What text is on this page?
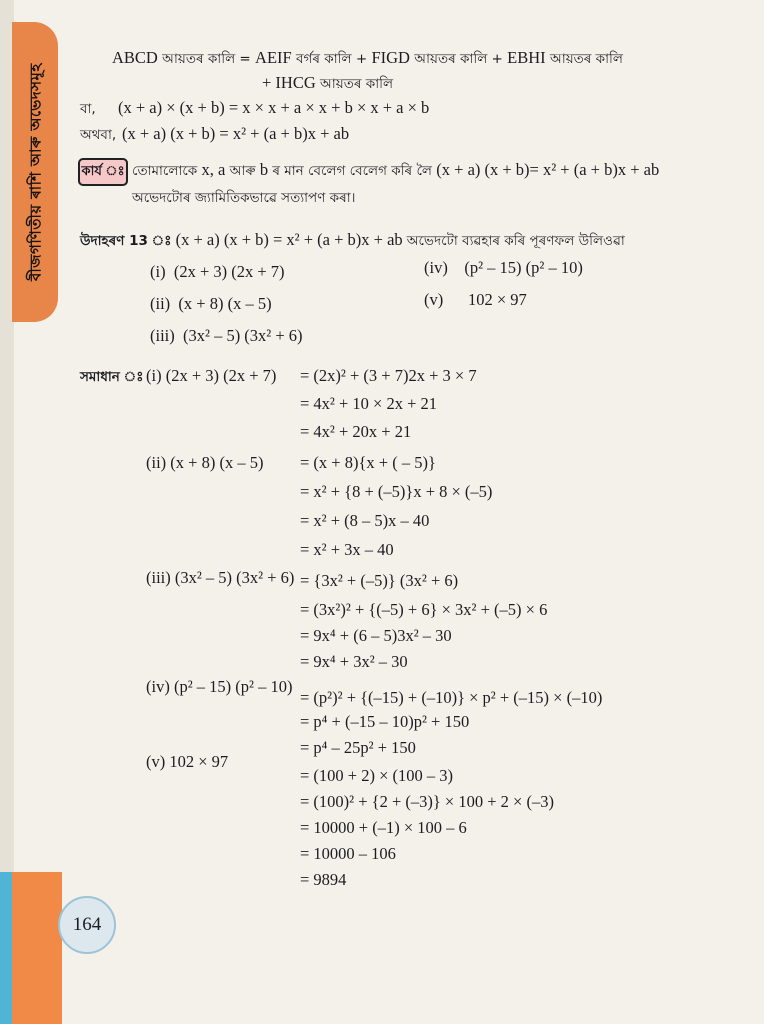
বীজগণিতীয় ৰাশি আৰু অভেদসমূহ
164
ABCD আয়তৰ কালি = AEIF বৰ্গৰ কালি + FIGD আয়তৰ কালি + EBHI আয়তৰ কালি
+ IHCG আয়তৰ কালি
বা, (x + a) × (x + b) = x × x + a × x + b × x + a × b
অথবা, (x + a) (x + b) = x² + (a + b)x + ab
কাৰ্য ঃ তোমালোকে x, a আৰু b ৰ মান বেলেগ বেলেগ কৰি লৈ (x + a) (x + b)= x² + (a + b)x + ab
অভেদটোৰ জ্যামিতিকভাৱে সত্যাপণ কৰা।
উদাহৰণ 13 ঃ (x + a) (x + b) = x² + (a + b)x + ab অভেদটো ব্যৱহাৰ কৰি পূৰণফল উলিওৱা
(i) (2x + 3) (2x + 7)
(ii) (x + 8) (x – 5)
(iii) (3x² – 5) (3x² + 6)
(iv) (p² – 15) (p² – 10)
(v) 102 × 97
সমাধান ঃ (i) (2x + 3) (2x + 7) = (2x)² + (3 + 7)2x + 3 × 7
= 4x² + 10 × 2x + 21
= 4x² + 20x + 21
(ii) (x + 8) (x – 5) = (x + 8){x + ( – 5)}
= x² + {8 + (–5)}x + 8 × (–5)
= x² + (8 – 5)x – 40
= x² + 3x – 40
(iii) (3x² – 5) (3x² + 6) = {3x² + (–5)} (3x² + 6)
= (3x²)² + {(–5) + 6} × 3x² + (–5) × 6
= 9x⁴ + (6 – 5)3x² – 30
= 9x⁴ + 3x² – 30
(iv) (p² – 15) (p² – 10)
= (p²)² + {(–15) + (–10)} × p² + (–15) × (–10)
= p⁴ + (–15 – 10)p² + 150
= p⁴ – 25p² + 150
(v) 102 × 97
= (100 + 2) × (100 – 3)
= (100)² + {2 + (–3)} × 100 + 2 × (–3)
= 10000 + (–1) × 100 – 6
= 10000 – 106
= 9894
